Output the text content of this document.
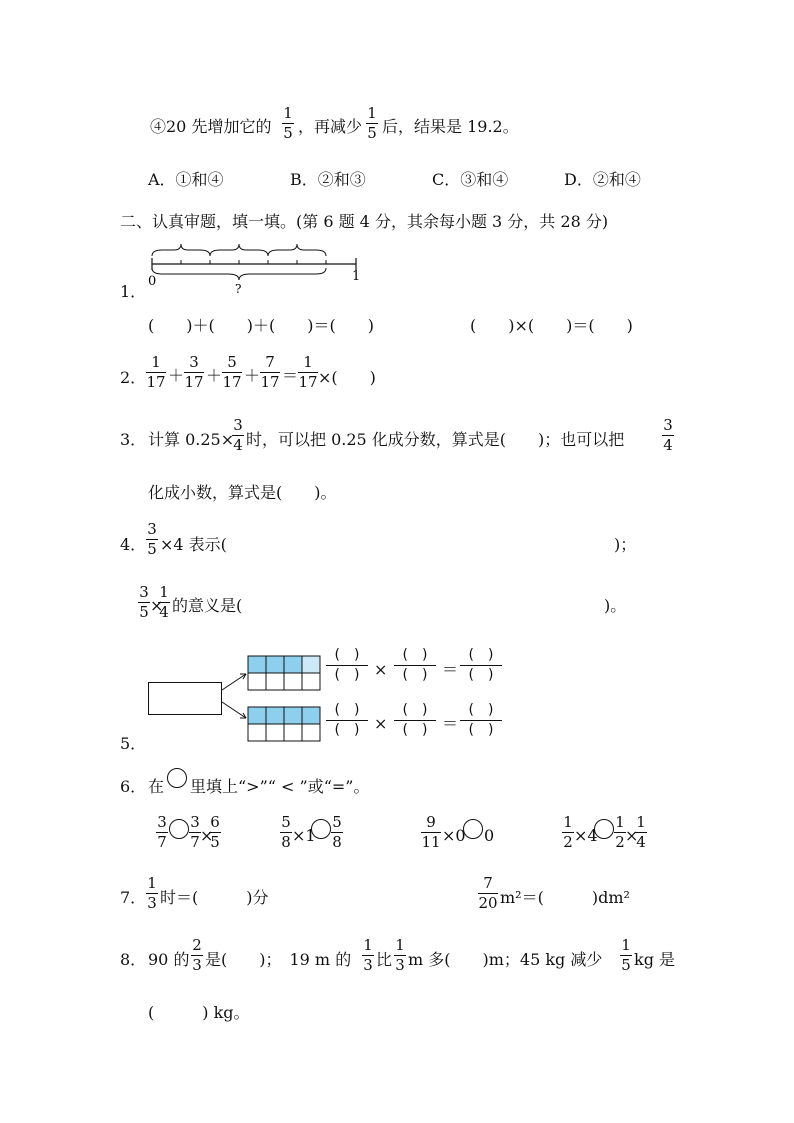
④20 先增加它的
1
5 ，再减少
1
5 后，结果是 19.2。
A．①和④	B．②和③	C．③和④	D．②和④
二、认真审题，填一填。(第 6 题 4 分，其余每小题 3 分，共 28 分)
1．
0	1
?
(　　)＋(　　)＋(　　)＝(　　)	(　　)×(　　)＝(　　)
2．
1
17 ＋
3
17 ＋
5
17 ＋
7
17 ＝
1
17 ×(　　)
3． 计算 0.25×
3
4 时，可以把 0.25 化成分数，算式是(　　)；也可以把
3
4
化成小数，算式是(　　)。
4．
3
5 ×4 表示(	)；
3
5 ×
1
4 的意义是(	)。
5．
(　)
(　) ×
(　)
(　) ＝
(　)
(　)
(　)
(　) ×
(　)
(　) ＝
(　)
(　)
6． 在 里填上“>”“ < ”或“=”。
3
7
3
7 ×
6
5
5
8 ×1
5
8
9
11 ×0 0
1
2 ×4
1
2 ×
1
4
7．
1
3 时＝(　　　)分
7
20 m²＝(　　　)dm²
8． 90 的
2
3 是(　　)；　19 m 的
1
3 比
1
3 m 多(　　)m；45 kg 减少
1
5 kg 是
(　　　) kg。
